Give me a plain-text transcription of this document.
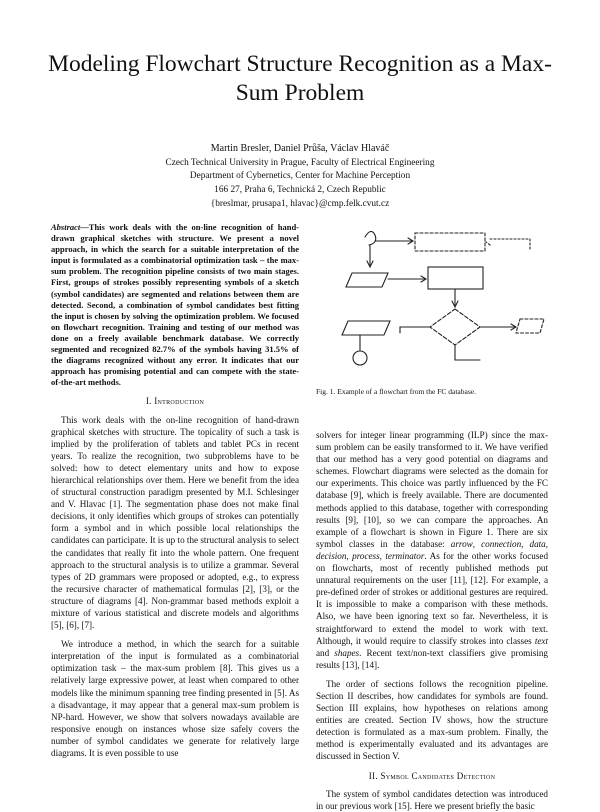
Modeling Flowchart Structure Recognition as a Max-Sum Problem
Martin Bresler, Daniel Průša, Václav Hlaváč
Czech Technical University in Prague, Faculty of Electrical Engineering
Department of Cybernetics, Center for Machine Perception
166 27, Praha 6, Technická 2, Czech Republic
{breslmar, prusapa1, hlavac}@cmp.felk.cvut.cz

Abstract—This work deals with the on-line recognition of hand-drawn graphical sketches with structure. We present a novel approach, in which the search for a suitable interpretation of the input is formulated as a combinatorial optimization task – the max-sum problem. The recognition pipeline consists of two main stages. First, groups of strokes possibly representing symbols of a sketch (symbol candidates) are segmented and relations between them are detected. Second, a combination of symbol candidates best fitting the input is chosen by solving the optimization problem. We focused on flowchart recognition. Training and testing of our method was done on a freely available benchmark database. We correctly segmented and recognized 82.7% of the symbols having 31.5% of the diagrams recognized without any error. It indicates that our approach has promising potential and can compete with the state-of-the-art methods.

I. Introduction

This work deals with the on-line recognition of hand-drawn graphical sketches with structure. The topicality of such a task is implied by the proliferation of tablets and tablet PCs in recent years. To realize the recognition, two subproblems have to be solved: how to detect elementary units and how to expose hierarchical relationships over them. Here we benefit from the idea of structural construction paradigm presented by M.I. Schlesinger and V. Hlavac [1]. The segmentation phase does not make final decisions, it only identifies which groups of strokes can potentially form a symbol and in which possible local relationships the candidates can participate. It is up to the structural analysis to select the candidates that really fit into the whole pattern. One frequent approach to the structural analysis is to utilize a grammar. Several types of 2D grammars were proposed or adopted, e.g., to express the recursive character of mathematical formulas [2], [3], or the structure of diagrams [4]. Non-grammar based methods exploit a mixture of various statistical and discrete models and algorithms [5], [6], [7].

We introduce a method, in which the search for a suitable interpretation of the input is formulated as a combinatorial optimization task – the max-sum problem [8]. This gives us a relatively large expressive power, at least when compared to other models like the minimum spanning tree finding presented in [5]. As a disadvantage, it may appear that a general max-sum problem is NP-hard. However, we show that solvers nowadays available are responsive enough on instances whose size safely covers the number of symbol candidates we generate for relatively large diagrams. It is even possible to use

Fig. 1. Example of a flowchart from the FC database.

solvers for integer linear programming (ILP) since the max-sum problem can be easily transformed to it. We have verified that our method has a very good potential on diagrams and schemes. Flowchart diagrams were selected as the domain for our experiments. This choice was partly influenced by the FC database [9], which is freely available. There are documented methods applied to this database, together with corresponding results [9], [10], so we can compare the approaches. An example of a flowchart is shown in Figure 1. There are six symbol classes in the database: arrow, connection, data, decision, process, terminator. As for the other works focused on flowcharts, most of recently published methods put unnatural requirements on the user [11], [12]. For example, a pre-defined order of strokes or additional gestures are required. It is impossible to make a comparison with these methods. Also, we have been ignoring text so far. Nevertheless, it is straightforward to extend the model to work with text. Although, it would require to classify strokes into classes text and shapes. Recent text/non-text classifiers give promising results [13], [14].

The order of sections follows the recognition pipeline. Section II describes, how candidates for symbols are found. Section III explains, how hypotheses on relations among entities are created. Section IV shows, how the structure detection is formulated as a max-sum problem. Finally, the method is experimentally evaluated and its advantages are discussed in Section V.

II. Symbol Candidates Detection

The system of symbol candidates detection was introduced in our previous work [15]. Here we present briefly the basic
